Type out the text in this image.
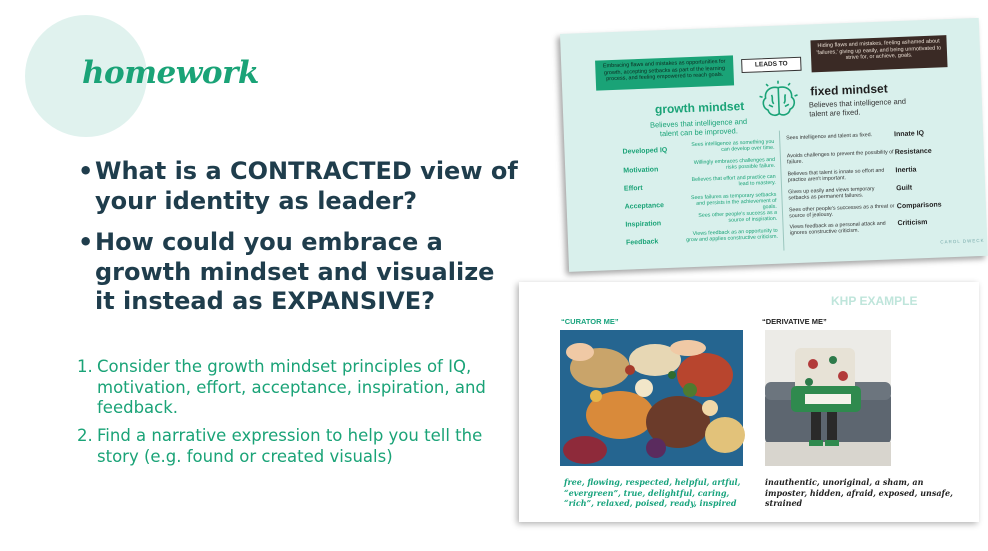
homework
• What is a CONTRACTED view of your identity as leader?
• How could you embrace a growth mindset and visualize it instead as EXPANSIVE?
1. Consider the growth mindset principles of IQ, motivation, effort, acceptance, inspiration, and feedback.
2. Find a narrative expression to help you tell the story (e.g. found or created visuals)
Embracing flaws and mistakes as opportunities for growth, accepting setbacks as part of the learning process, and feeling empowered to reach goals.
LEADS TO
Hiding flaws and mistakes, feeling ashamed about 'failures,' giving up easily, and being unmotivated to strive for, or achieve, goals.
growth mindset
Believes that intelligence and talent can be improved.
fixed mindset
Believes that intelligence and talent are fixed.
Developed IQ
Sees intelligence as something you can develop over time.
Sees intelligence and talent as fixed.	Innate IQ
Motivation
Willingly embraces challenges and risks possible failure.
Avoids challenges to prevent the possibility of failure.
Resistance
Effort
Believes that effort and practice can lead to mastery.
Believes that talent is innate so effort and practice aren't important.
Inertia
Acceptance
Sees failures as temporary setbacks and persists in the achievement of goals.
Gives up easily and views temporary setbacks as permanent failures.
Guilt
Inspiration
Sees other people's success as a source of inspiration.
Sees other people's successes as a threat or source of jealousy.
Comparisons
Feedback
Views feedback as an opportunity to grow and applies constructive criticism.
Views feedback as a personal attack and ignores constructive criticism.
Criticism
CAROL DWECK
KHP EXAMPLE
“CURATOR ME”	“DERIVATIVE ME”
free, flowing, respected, helpful, artful, “evergreen”, true, delightful, caring, “rich”, relaxed, poised, ready, inspired
inauthentic, unoriginal, a sham, an imposter, hidden, afraid, exposed, unsafe, strained
